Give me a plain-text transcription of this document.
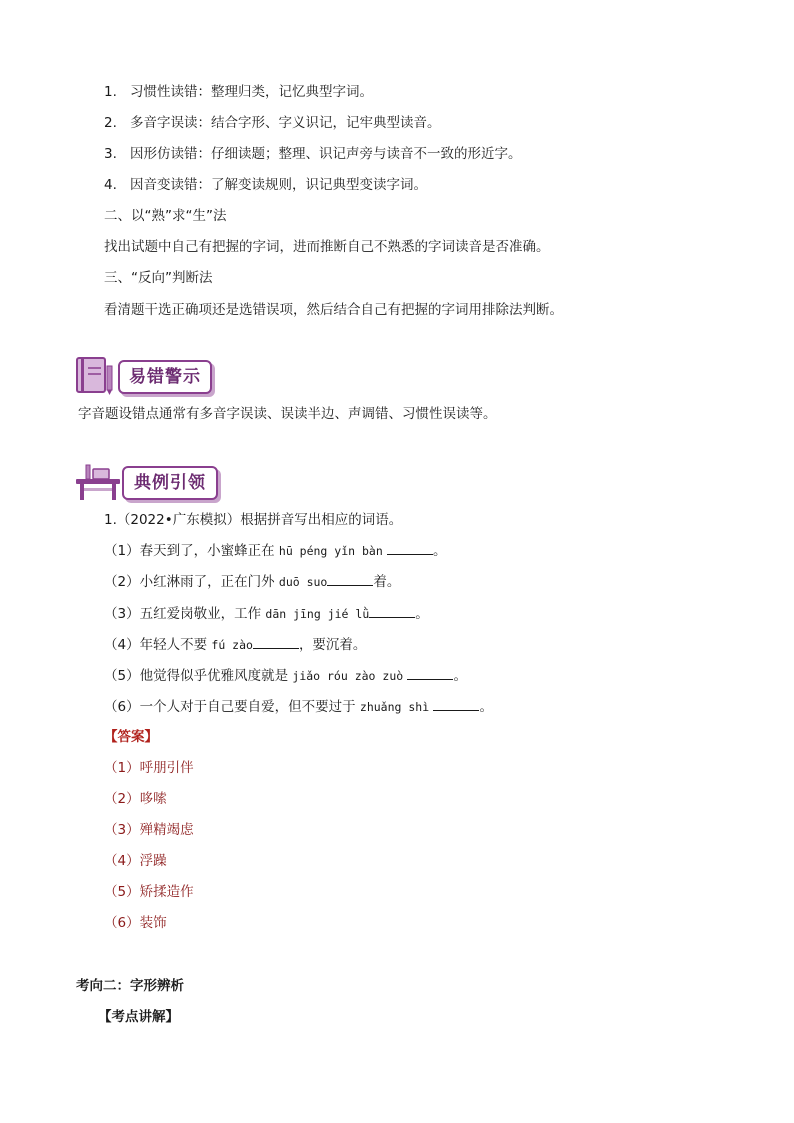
1. 习惯性读错：整理归类，记忆典型字词。
2. 多音字误读：结合字形、字义识记，记牢典型读音。
3. 因形仿读错：仔细读题；整理、识记声旁与读音不一致的形近字。
4. 因音变读错：了解变读规则，识记典型变读字词。
二、以“熟”求“生”法
找出试题中自己有把握的字词，进而推断自己不熟悉的字词读音是否准确。
三、“反向”判断法
看清题干选正确项还是选错误项，然后结合自己有把握的字词用排除法判断。
易错警示
字音题设错点通常有多音字误读、误读半边、声调错、习惯性误读等。
典例引领
1.（2022•广东模拟）根据拼音写出相应的词语。
（1）春天到了，小蜜蜂正在 hū péng yǐn bàn	。
（2）小红淋雨了，正在门外 duō suo	着。
（3）五红爱岗敬业，工作 dān jīng jié lǜ	。
（4）年轻人不要 fú zào	，要沉着。
（5）他觉得似乎优雅风度就是 jiǎo róu zào zuò	。
（6）一个人对于自己要自爱，但不要过于 zhuǎng shì	。
【答案】
（1）呼朋引伴
（2）哆嗦
（3）殚精竭虑
（4）浮躁
（5）矫揉造作
（6）装饰
考向二：字形辨析
【考点讲解】
